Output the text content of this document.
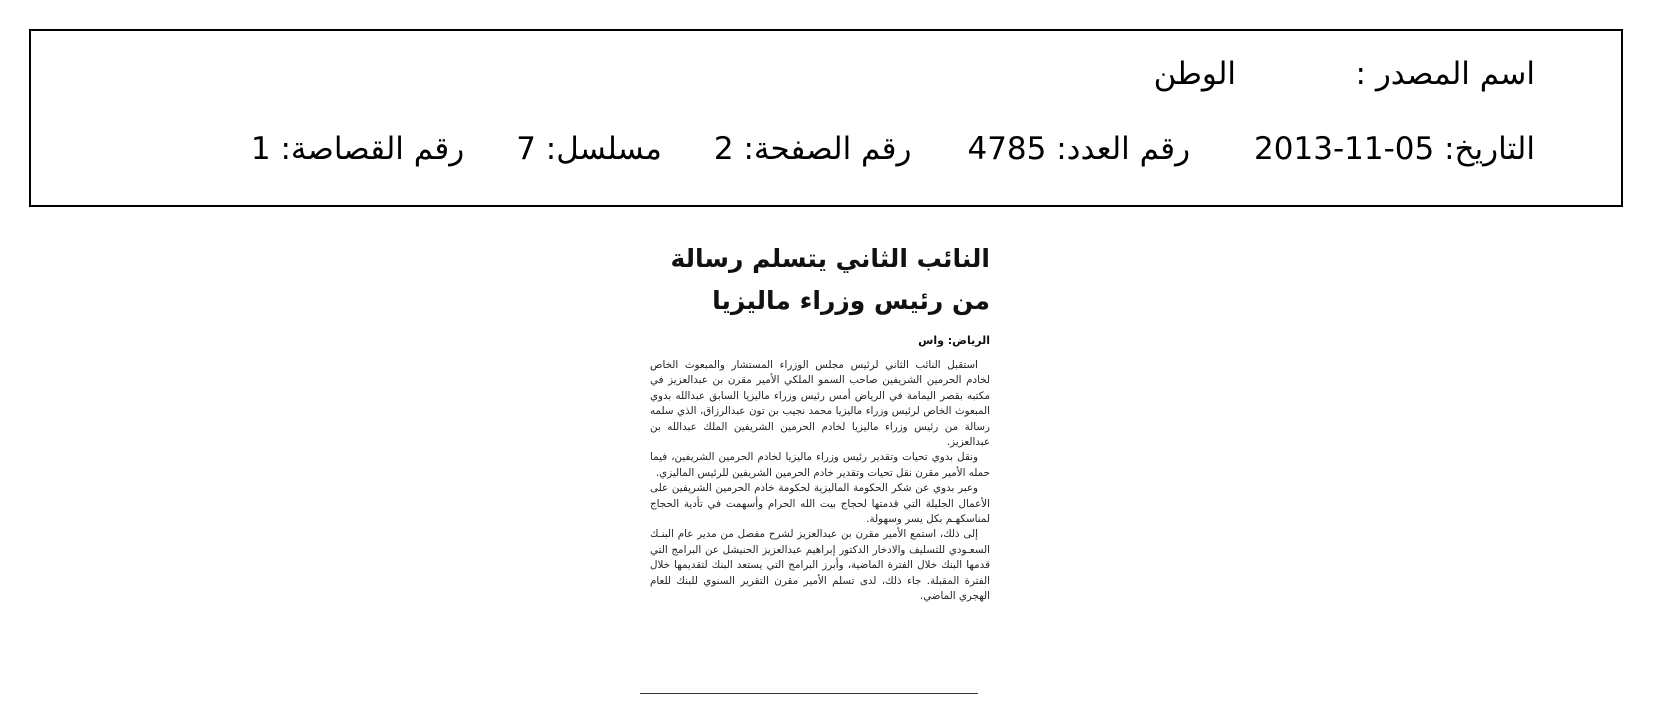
اسم المصدر :
الوطن
التاريخ: 2013-11-05رقم العدد: 4785رقم الصفحة: 2مسلسل: 7رقم القصاصة: 1
النائب الثاني يتسلم رسالة
من رئيس وزراء ماليزيا
الرياض: واس

استقبل النائب الثاني لرئيس مجلس الوزراء المستشار والمبعوث الخاص لخادم الحرمين الشريفين صاحب السمو الملكي الأمير مقرن بن عبدالعزيز في مكتبه بقصر اليمامة في الرياض أمس رئيس وزراء ماليزيا السابق عبدالله بدوي المبعوث الخاص لرئيس وزراء ماليزيا محمد نجيب بن تون عبدالرزاق، الذي سلمه رسالة من رئيس وزراء ماليزيا لخادم الحرمين الشريفين الملك عبدالله بن عبدالعزيز.

ونقل بدوي تحيات وتقدير رئيس وزراء ماليزيا لخادم الحرمين الشريفين، فيما حمله الأمير مقرن نقل تحيات وتقدير خادم الحرمين الشريفين للرئيس الماليزي.

وعبر بدوي عن شكر الحكومة الماليزية لحكومة خادم الحرمين الشريفين على الأعمال الجليلة التي قدمتها لحجاج بيت الله الحرام وأسهمت في تأدية الحجاج لمناسكهـم بكل يسر وسهولة.

إلى ذلك، استمع الأمير مقرن بن عبدالعزيز لشرح مفصل من مدير عام البنـك السعـودي للتسليف والادخار الدكتور إبراهيم عبدالعزيز الحنيشل عن البرامج التي قدمها البنك خلال الفترة الماضية، وأبرز البرامج التي يستعد البنك لتقديمها خلال الفترة المقبلة. جاء ذلك، لدى تسلم الأمير مقرن التقرير السنوي للبنك للعام الهجري الماضي.
